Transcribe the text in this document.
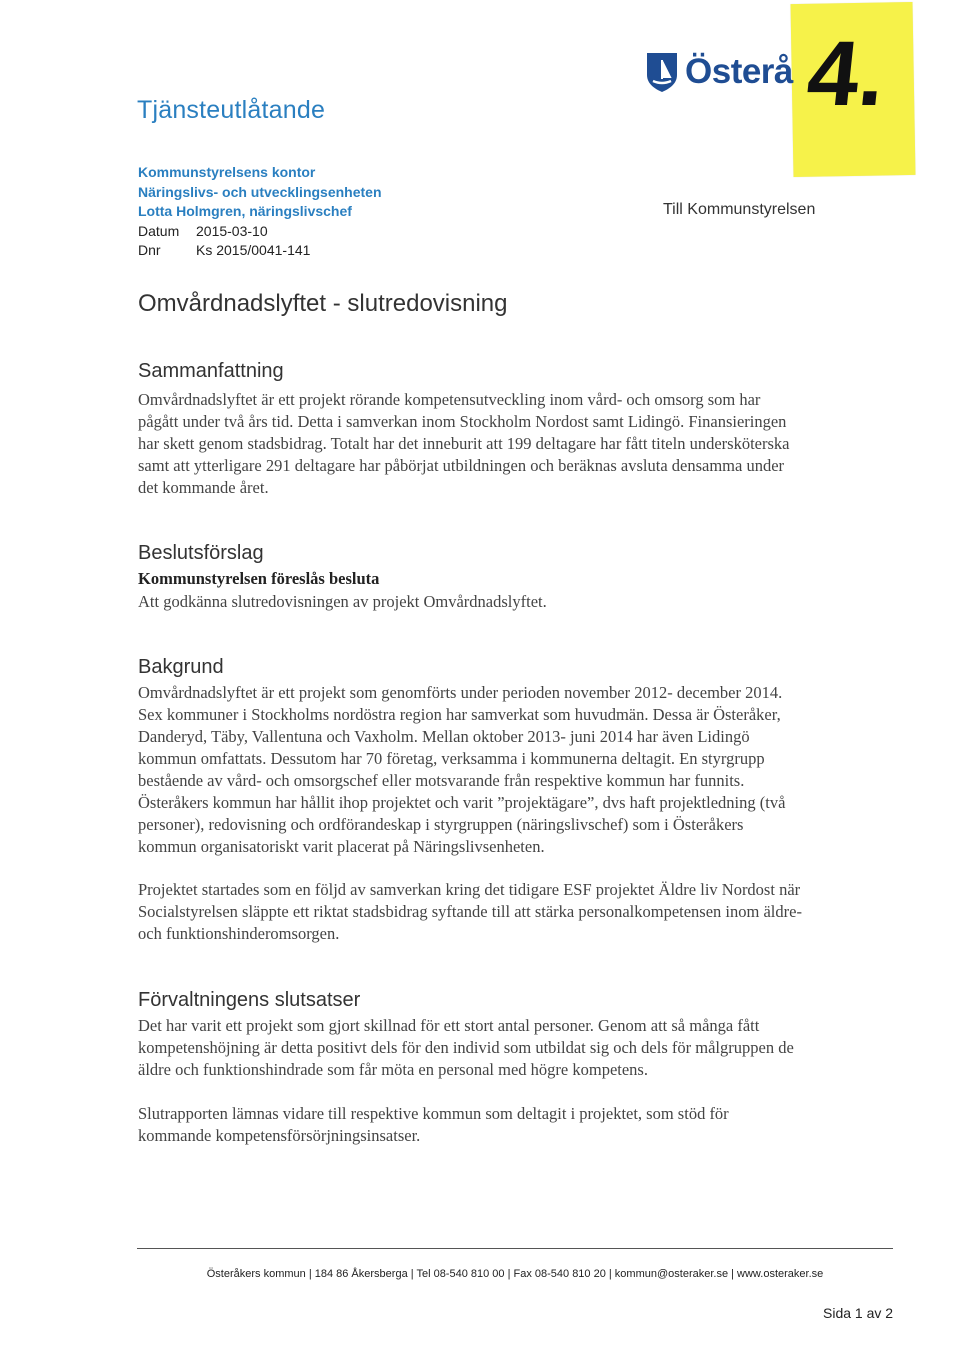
Tjänsteutlåtande
Österå 4.
Kommunstyrelsens kontor
Näringslivs- och utvecklingsenheten
Lotta Holmgren, näringslivschef
Datum 2015-03-10
Dnr	Ks 2015/0041-141
Till Kommunstyrelsen
Omvårdnadslyftet - slutredovisning
Sammanfattning
Omvårdnadslyftet är ett projekt rörande kompetensutveckling inom vård- och omsorg som har
pågått under två års tid. Detta i samverkan inom Stockholm Nordost samt Lidingö. Finansieringen
har skett genom stadsbidrag. Totalt har det inneburit att 199 deltagare har fått titeln undersköterska
samt att ytterligare 291 deltagare har påbörjat utbildningen och beräknas avsluta densamma under
det kommande året.
Beslutsförslag
Kommunstyrelsen föreslås besluta
Att godkänna slutredovisningen av projekt Omvårdnadslyftet.
Bakgrund
Omvårdnadslyftet är ett projekt som genomförts under perioden november 2012- december 2014.
Sex kommuner i Stockholms nordöstra region har samverkat som huvudmän. Dessa är Österåker,
Danderyd, Täby, Vallentuna och Vaxholm. Mellan oktober 2013- juni 2014 har även Lidingö
kommun omfattats. Dessutom har 70 företag, verksamma i kommunerna deltagit. En styrgrupp
bestående av vård- och omsorgschef eller motsvarande från respektive kommun har funnits.
Österåkers kommun har hållit ihop projektet och varit ”projektägare”, dvs haft projektledning (två
personer), redovisning och ordförandeskap i styrgruppen (näringslivschef) som i Österåkers
kommun organisatoriskt varit placerat på Näringslivsenheten.
Projektet startades som en följd av samverkan kring det tidigare ESF projektet Äldre liv Nordost när
Socialstyrelsen släppte ett riktat stadsbidrag syftande till att stärka personalkompetensen inom äldre-
och funktionshinderomsorgen.
Förvaltningens slutsatser
Det har varit ett projekt som gjort skillnad för ett stort antal personer. Genom att så många fått
kompetenshöjning är detta positivt dels för den individ som utbildat sig och dels för målgruppen de
äldre och funktionshindrade som får möta en personal med högre kompetens.
Slutrapporten lämnas vidare till respektive kommun som deltagit i projektet, som stöd för
kommande kompetensförsörjningsinsatser.
Österåkers kommun | 184 86 Åkersberga | Tel 08-540 810 00 | Fax 08-540 810 20 | kommun@osteraker.se | www.osteraker.se
Sida 1 av 2
